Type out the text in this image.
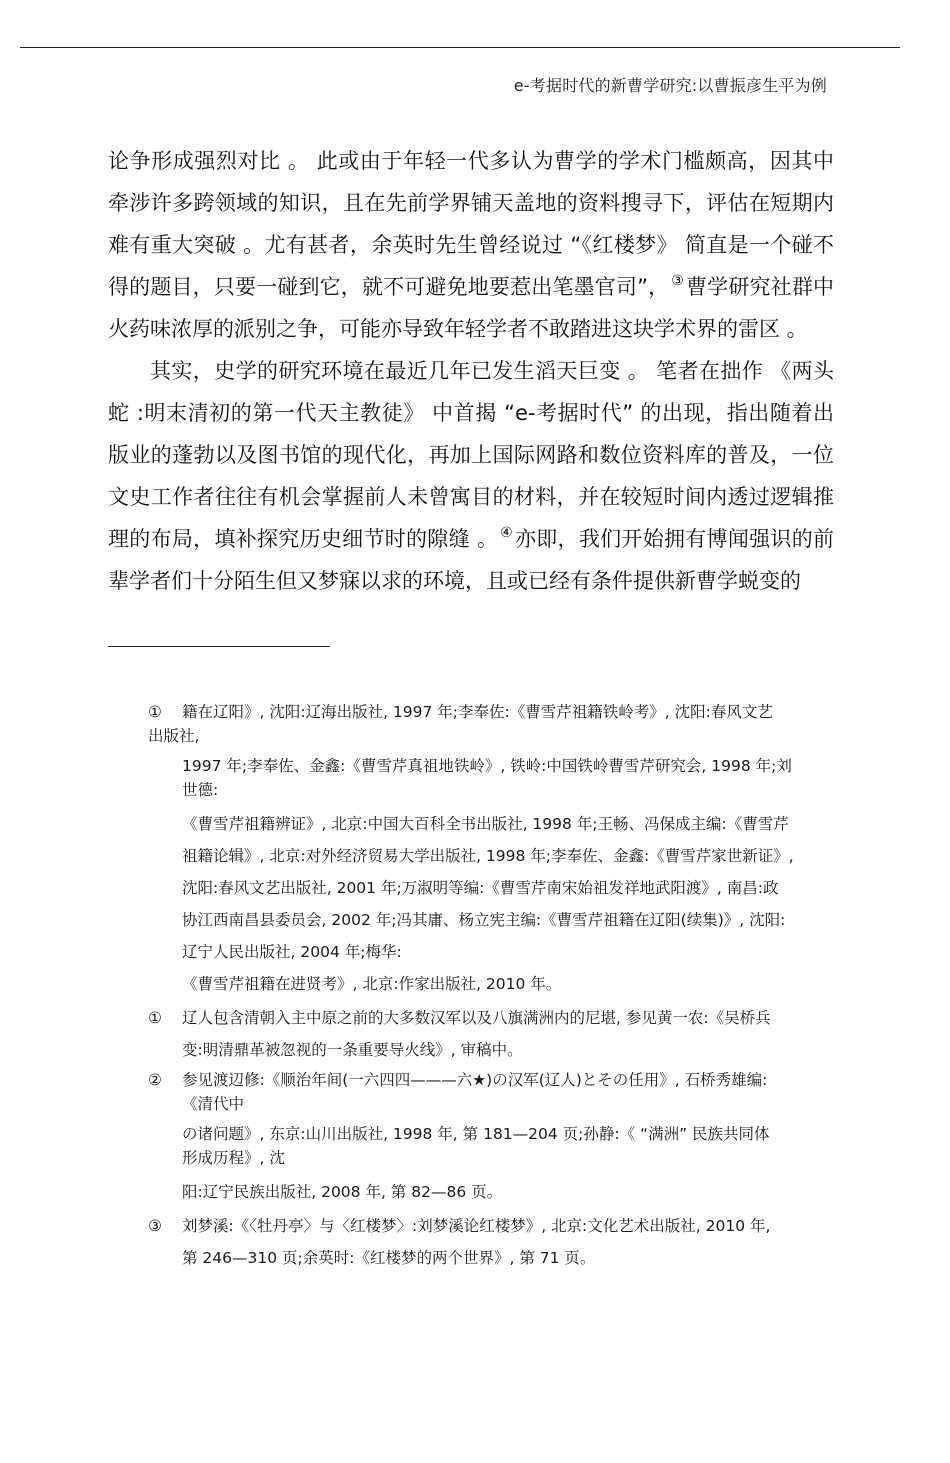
e-考据时代的新曹学研究:以曹振彦生平为例

论争形成强烈对比 。 此或由于年轻一代多认为曹学的学术门槛颇高，因其中牵涉许多跨领域的知识，且在先前学界铺天盖地的资料搜寻下，评估在短期内难有重大突破 。尤有甚者，余英时先生曾经说过 “《红楼梦》 简直是一个碰不得的题目，只要一碰到它，就不可避免地要惹出笔墨官司”， ③曹学研究社群中火药味浓厚的派别之争，可能亦导致年轻学者不敢踏进这块学术界的雷区 。

其实，史学的研究环境在最近几年已发生滔天巨变 。 笔者在拙作 《两头蛇 :明末清初的第一代天主教徒》 中首揭 “e-考据时代” 的出现，指出随着出版业的蓬勃以及图书馆的现代化，再加上国际网路和数位资料库的普及，一位文史工作者往往有机会掌握前人未曾寓目的材料，并在较短时间内透过逻辑推理的布局，填补探究历史细节时的隙缝 。 ④亦即，我们开始拥有博闻强识的前辈学者们十分陌生但又梦寐以求的环境，且或已经有条件提供新曹学蜕变的

① 籍在辽阳》, 沈阳:辽海出版社, 1997 年;李奉佐:《曹雪芹祖籍铁岭考》, 沈阳:春风文艺
出版社,
1997 年;李奉佐、金鑫:《曹雪芹真祖地铁岭》, 铁岭:中国铁岭曹雪芹研究会, 1998 年;刘
世德:
《曹雪芹祖籍辨证》, 北京:中国大百科全书出版社, 1998 年;王畅、冯保成主编:《曹雪芹
祖籍论辑》, 北京:对外经济贸易大学出版社, 1998 年;李奉佐、金鑫:《曹雪芹家世新证》,
沈阳:春风文艺出版社, 2001 年;万淑明等编:《曹雪芹南宋始祖发祥地武阳渡》, 南昌:政
协江西南昌县委员会, 2002 年;冯其庸、杨立宪主编:《曹雪芹祖籍在辽阳(续集)》, 沈阳:
辽宁人民出版社, 2004 年;梅华:
《曹雪芹祖籍在进贤考》, 北京:作家出版社, 2010 年。
① 辽人包含清朝入主中原之前的大多数汉军以及八旗满洲内的尼堪, 参见黄一农:《吴桥兵
变:明清鼎革被忽视的一条重要导火线》, 审稿中。
② 参见渡辺修:《顺治年间(一六四四———六★)の汉军(辽人)とその任用》, 石桥秀雄编:
《清代中
の诸问题》, 东京:山川出版社, 1998 年, 第 181—204 页;孙静:《 “满洲” 民族共同体
形成历程》, 沈
阳:辽宁民族出版社, 2008 年, 第 82—86 页。
③ 刘梦溪:《〈牡丹亭〉与〈红楼梦〉:刘梦溪论红楼梦》, 北京:文化艺术出版社, 2010 年,
第 246—310 页;余英时:《红楼梦的两个世界》, 第 71 页。
